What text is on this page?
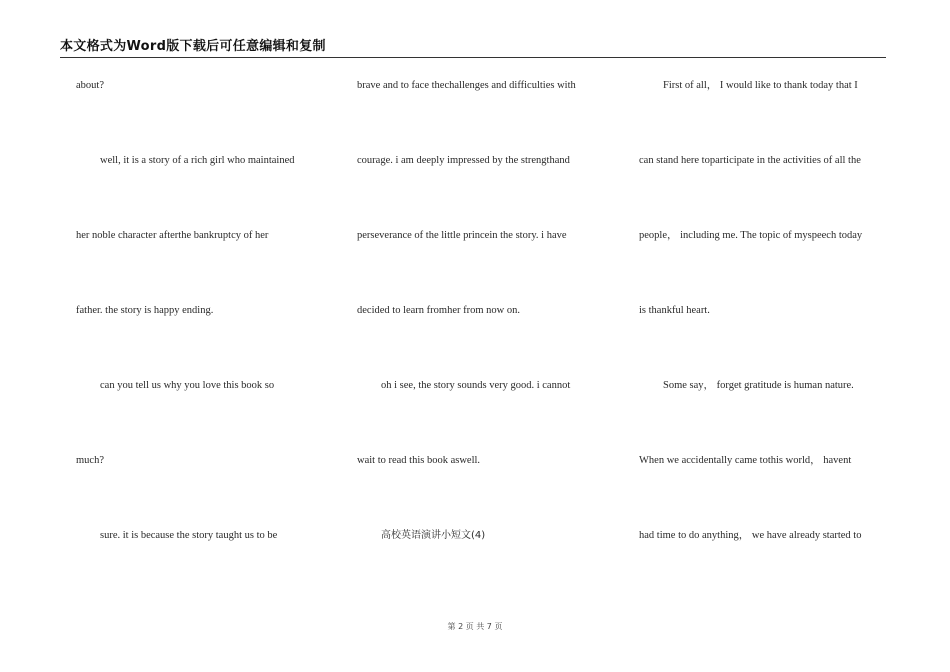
本文格式为Word版下载后可任意编辑和复制
about?
well, it is a story of a rich girl who maintained
her noble character afterthe bankruptcy of her
father. the story is happy ending.
can you tell us why you love this book so
much?
sure. it is because the story taught us to be
brave and to face thechallenges and difficulties with
courage. i am deeply impressed by the strengthand
perseverance of the little princein the story. i have
decided to learn fromher from now on.
oh i see, the story sounds very good. i cannot
wait to read this book aswell.
高校英语演讲小短文(4)
First of all， I would like to thank today that I
can stand here toparticipate in the activities of all the
people， including me. The topic of myspeech today
is thankful heart.
Some say， forget gratitude is human nature.
When we accidentally came tothis world， havent
had time to do anything， we have already started to
第 2 页 共 7 页
